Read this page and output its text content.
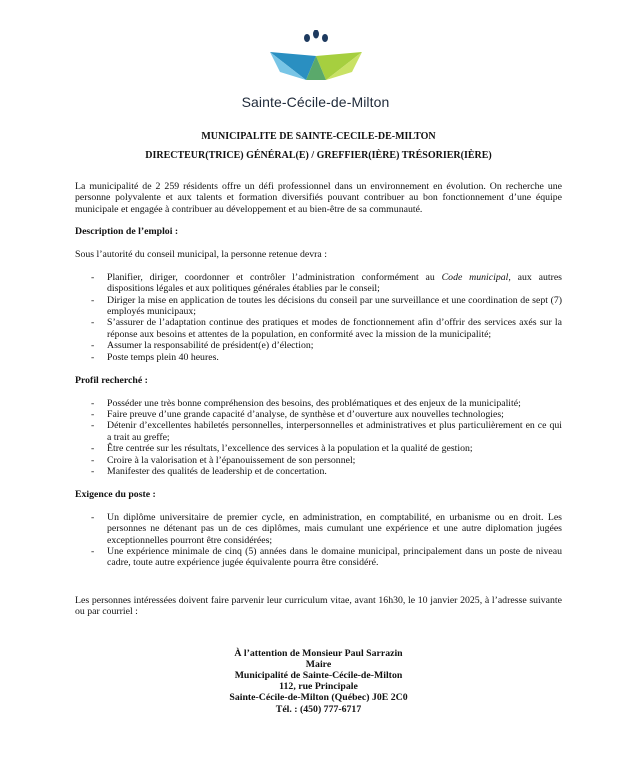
Sainte-Cécile-de-Milton

MUNICIPALITE DE SAINTE-CECILE-DE-MILTON

DIRECTEUR(TRICE) GÉNÉRAL(E) / GREFFIER(IÈRE) TRÉSORIER(IÈRE)

La municipalité de 2 259 résidents offre un défi professionnel dans un environnement en évolution. On recherche une personne polyvalente et aux talents et formation diversifiés pouvant contribuer au bon fonctionnement d’une équipe municipale et engagée à contribuer au développement et au bien-être de sa communauté.

Description de l’emploi :

Sous l’autorité du conseil municipal, la personne retenue devra :

- Planifier, diriger, coordonner et contrôler l’administration conformément au Code municipal, aux autres dispositions légales et aux politiques générales établies par le conseil;
- Diriger la mise en application de toutes les décisions du conseil par une surveillance et une coordination de sept (7) employés municipaux;
- S’assurer de l’adaptation continue des pratiques et modes de fonctionnement afin d’offrir des services axés sur la réponse aux besoins et attentes de la population, en conformité avec la mission de la municipalité;
- Assumer la responsabilité de président(e) d’élection;
- Poste temps plein 40 heures.

Profil recherché :

- Posséder une très bonne compréhension des besoins, des problématiques et des enjeux de la municipalité;
- Faire preuve d’une grande capacité d’analyse, de synthèse et d’ouverture aux nouvelles technologies;
- Détenir d’excellentes habiletés personnelles, interpersonnelles et administratives et plus particulièrement en ce qui a trait au greffe;
- Être centrée sur les résultats, l’excellence des services à la population et la qualité de gestion;
- Croire à la valorisation et à l’épanouissement de son personnel;
- Manifester des qualités de leadership et de concertation.

Exigence du poste :

- Un diplôme universitaire de premier cycle, en administration, en comptabilité, en urbanisme ou en droit. Les personnes ne détenant pas un de ces diplômes, mais cumulant une expérience et une autre diplomation jugées exceptionnelles pourront être considérées;
- Une expérience minimale de cinq (5) années dans le domaine municipal, principalement dans un poste de niveau cadre, toute autre expérience jugée équivalente pourra être considéré.

Les personnes intéressées doivent faire parvenir leur curriculum vitae, avant 16h30, le 10 janvier 2025, à l’adresse suivante ou par courriel :

À l’attention de Monsieur Paul Sarrazin
Maire
Municipalité de Sainte-Cécile-de-Milton
112, rue Principale
Sainte-Cécile-de-Milton (Québec) J0E 2C0
Tél. : (450) 777-6717
